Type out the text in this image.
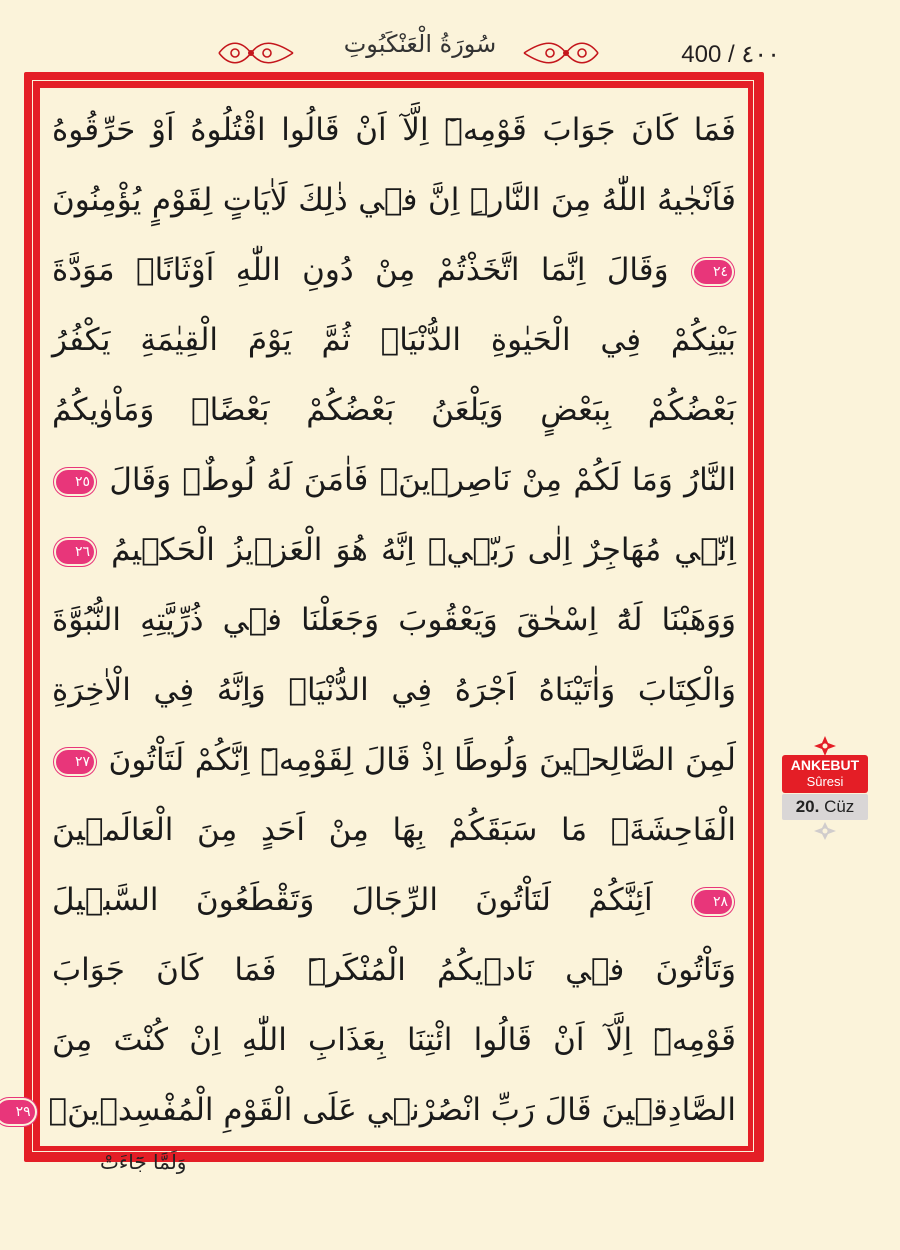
سُورَةُ الْعَنْكَبُوتِ	400 / ٤٠٠
فَمَا كَانَ جَوَابَ قَوْمِهٖٓ اِلَّآ اَنْ قَالُوا اقْتُلُوهُ اَوْ حَرِّقُوهُ
فَاَنْجٰيهُ اللّٰهُ مِنَ النَّارِۜ اِنَّ ف۪ي ذٰلِكَ لَاٰيَاتٍ لِقَوْمٍ يُؤْمِنُونَ
٢٤ وَقَالَ اِنَّمَا اتَّخَذْتُمْ مِنْ دُونِ اللّٰهِ اَوْثَانًاۙ مَوَدَّةَ
بَيْنِكُمْ فِي الْحَيٰوةِ الدُّنْيَاۚ ثُمَّ يَوْمَ الْقِيٰمَةِ يَكْفُرُ
بَعْضُكُمْ بِبَعْضٍ وَيَلْعَنُ بَعْضُكُمْ بَعْضًاۘ وَمَاْوٰيكُمُ
النَّارُ وَمَا لَكُمْ مِنْ نَاصِر۪ينَۗ فَاٰمَنَ لَهُ لُوطٌۢ وَقَالَ ٢٥
اِنّ۪ي مُهَاجِرٌ اِلٰى رَبّ۪يۜ اِنَّهُ هُوَ الْعَز۪يزُ الْحَك۪يمُ ٢٦
وَوَهَبْنَا لَهُٓ اِسْحٰقَ وَيَعْقُوبَ وَجَعَلْنَا ف۪ي ذُرِّيَّتِهِ النُّبُوَّةَ
وَالْكِتَابَ وَاٰتَيْنَاهُ اَجْرَهُ فِي الدُّنْيَاۚ وَاِنَّهُ فِي الْاٰخِرَةِ
لَمِنَ الصَّالِح۪ينَ وَلُوطًا اِذْ قَالَ لِقَوْمِه۪ٓ اِنَّكُمْ لَتَاْتُونَ ٢٧
الْفَاحِشَةَۘ مَا سَبَقَكُمْ بِهَا مِنْ اَحَدٍ مِنَ الْعَالَم۪ينَ
٢٨ اَئِنَّكُمْ لَتَاْتُونَ الرِّجَالَ وَتَقْطَعُونَ السَّب۪يلَ
وَتَاْتُونَ ف۪ي نَاد۪يكُمُ الْمُنْكَرَۜ فَمَا كَانَ جَوَابَ
قَوْمِه۪ٓ اِلَّآ اَنْ قَالُوا ائْتِنَا بِعَذَابِ اللّٰهِ اِنْ كُنْتَ مِنَ
الصَّادِق۪ينَ قَالَ رَبِّ انْصُرْن۪ي عَلَى الْقَوْمِ الْمُفْسِد۪ينَۘ ٢٩
وَلَمَّا جَٓاءَتْ
ANKEBUT
Sûresi
20. Cüz
